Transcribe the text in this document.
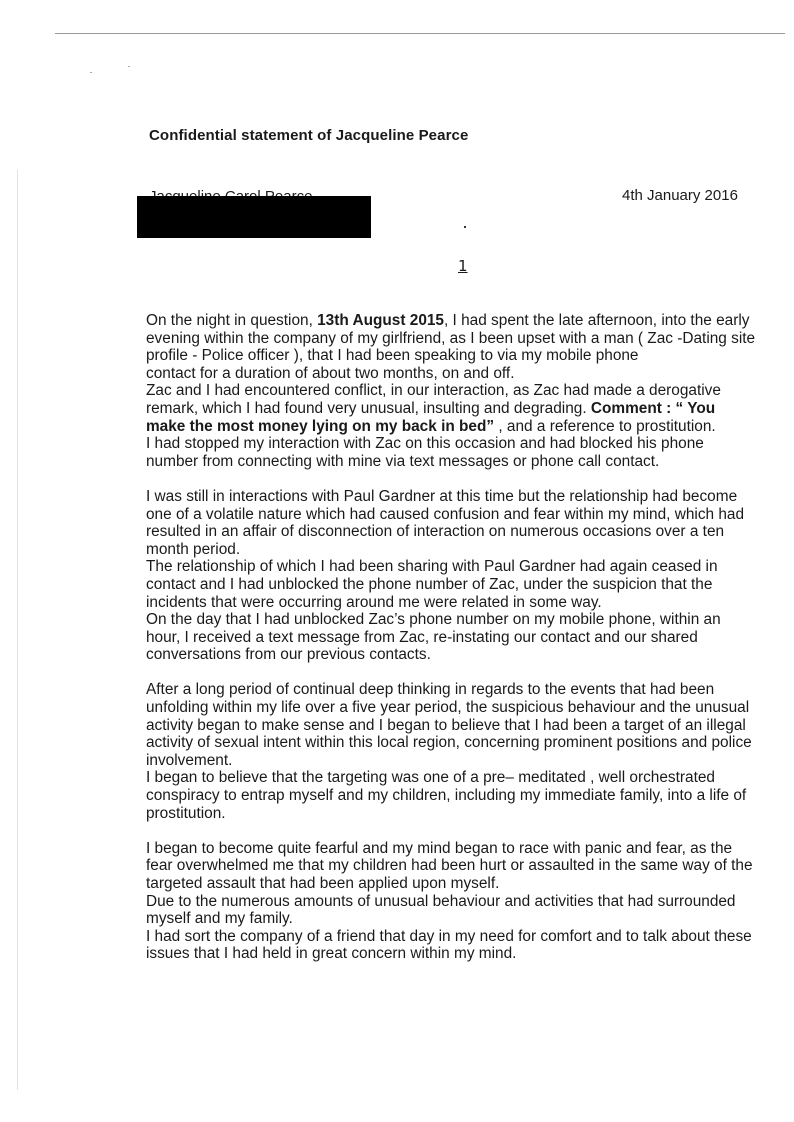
Confidential statement of Jacqueline Pearce
4th January 2016
1

On the night in question, 13th August 2015, I had spent the late afternoon, into the early
evening within the company of my girlfriend, as I been upset with a man ( Zac -Dating site
profile - Police officer ), that I had been speaking to via my mobile phone
contact for a duration of about two months, on and off.
Zac and I had encountered conflict, in our interaction, as Zac had made a derogative
remark, which I had found very unusual, insulting and degrading. Comment : “ You
make the most money lying on my back in bed” , and a reference to prostitution.
I had stopped my interaction with Zac on this occasion and had blocked his phone
number from connecting with mine via text messages or phone call contact.

I was still in interactions with Paul Gardner at this time but the relationship had become
one of a volatile nature which had caused confusion and fear within my mind, which had
resulted in an affair of disconnection of interaction on numerous occasions over a ten
month period.
The relationship of which I had been sharing with Paul Gardner had again ceased in
contact and I had unblocked the phone number of Zac, under the suspicion that the
incidents that were occurring around me were related in some way.
On the day that I had unblocked Zac’s phone number on my mobile phone, within an
hour, I received a text message from Zac, re-instating our contact and our shared
conversations from our previous contacts.

After a long period of continual deep thinking in regards to the events that had been
unfolding within my life over a five year period, the suspicious behaviour and the unusual
activity began to make sense and I began to believe that I had been a target of an illegal
activity of sexual intent within this local region, concerning prominent positions and police
involvement.
I began to believe that the targeting was one of a pre– meditated , well orchestrated
conspiracy to entrap myself and my children, including my immediate family, into a life of
prostitution.

I began to become quite fearful and my mind began to race with panic and fear, as the
fear overwhelmed me that my children had been hurt or assaulted in the same way of the
targeted assault that had been applied upon myself.
Due to the numerous amounts of unusual behaviour and activities that had surrounded
myself and my family.
I had sort the company of a friend that day in my need for comfort and to talk about these
issues that I had held in great concern within my mind.
